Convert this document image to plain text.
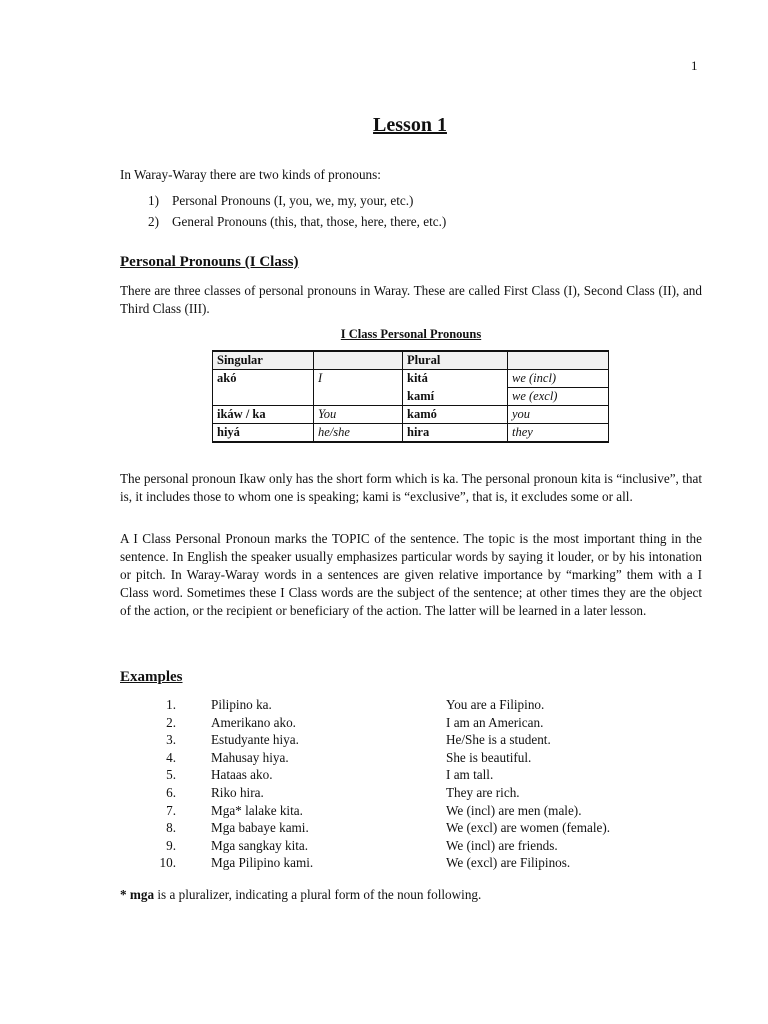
1
Lesson 1
In Waray-Waray there are two kinds of pronouns:
1) Personal Pronouns (I, you, we, my, your, etc.)
2) General Pronouns (this, that, those, here, there, etc.)
Personal Pronouns (I Class)
There are three classes of personal pronouns in Waray. These are called First Class (I), Second Class (II), and Third Class (III).
I Class Personal Pronouns
Singular		Plural	
akó	I	kitá	we (incl)
		kamí	we (excl)
ikáw / ka	You	kamó	you
hiyá	he/she	hira	they
The personal pronoun Ikaw only has the short form which is ka. The personal pronoun kita is “inclusive”, that is, it includes those to whom one is speaking; kami is “exclusive”, that is, it excludes some or all.
A I Class Personal Pronoun marks the TOPIC of the sentence. The topic is the most important thing in the sentence. In English the speaker usually emphasizes particular words by saying it louder, or by his intonation or pitch. In Waray-Waray words in a sentences are given relative importance by “marking” them with a I Class word. Sometimes these I Class words are the subject of the sentence; at other times they are the object of the action, or the recipient or beneficiary of the action. The latter will be learned in a later lesson.
Examples
1.	Pilipino ka.	You are a Filipino.
2.	Amerikano ako.	I am an American.
3.	Estudyante hiya.	He/She is a student.
4.	Mahusay hiya.	She is beautiful.
5.	Hataas ako.	I am tall.
6.	Riko hira.	They are rich.
7.	Mga* lalake kita.	We (incl) are men (male).
8.	Mga babaye kami.	We (excl) are women (female).
9.	Mga sangkay kita.	We (incl) are friends.
10.	Mga Pilipino kami.	We (excl) are Filipinos.
* mga is a pluralizer, indicating a plural form of the noun following.
